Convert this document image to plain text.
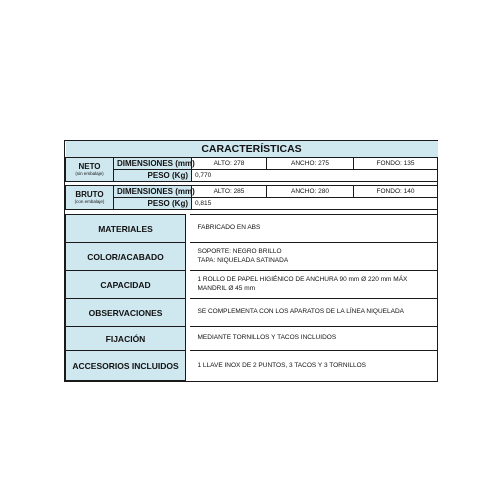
CARACTERÍSTICAS				
NETO
(sin embalaje)	DIMENSIONES (mm)	ALTO: 278	ANCHO: 275	FONDO: 135
	PESO (Kg)	0,770		

BRUTO
(con embalaje)	DIMENSIONES (mm)	ALTO: 285	ANCHO: 280	FONDO: 140
	PESO (Kg)	0,815		
MATERIALES		FABRICADO EN ABS

COLOR/ACABADO		SOPORTE: NEGRO BRILLO
TAPA: NIQUELADA SATINADA

CAPACIDAD		1 ROLLO DE PAPEL HIGIÉNICO DE ANCHURA 90 mm Ø 220 mm MÁX
MANDRIL Ø 45 mm

OBSERVACIONES		SE COMPLEMENTA CON LOS APARATOS DE LA LÍNEA NIQUELADA

FIJACIÓN		MEDIANTE TORNILLOS Y TACOS INCLUIDOS

ACCESORIOS INCLUIDOS		1 LLAVE INOX DE 2 PUNTOS, 3 TACOS Y 3 TORNILLOS
